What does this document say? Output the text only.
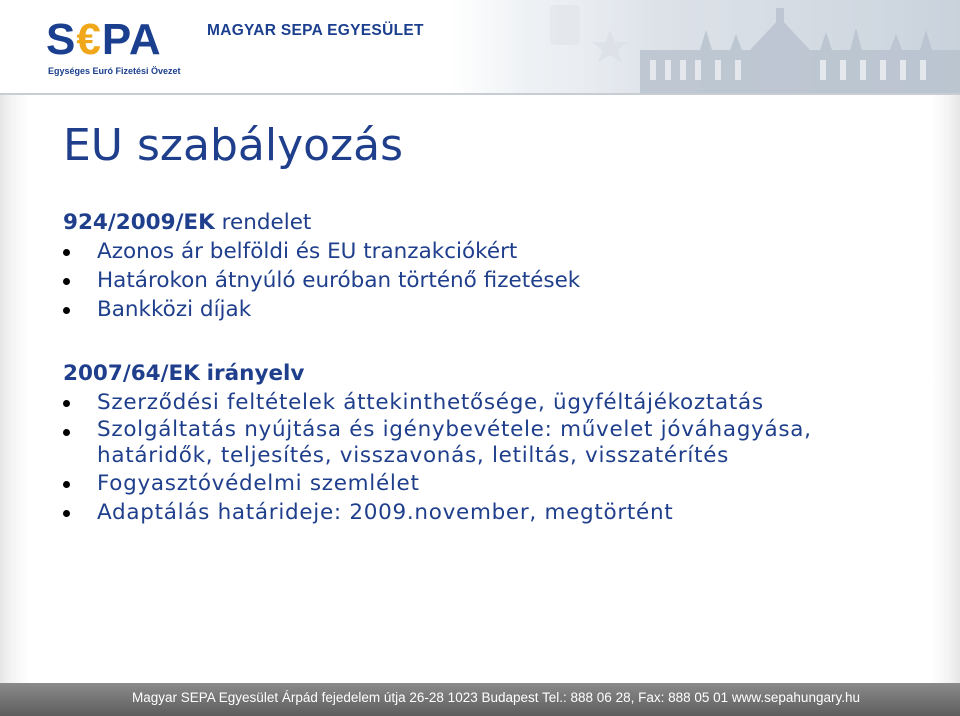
S€PA
Egységes Euró Fizetési Övezet
MAGYAR SEPA EGYESÜLET
EU szabályozás
924/2009/EK rendelet
Azonos ár belföldi és EU tranzakciókért
Határokon átnyúló euróban történő fizetések
Bankközi díjak
2007/64/EK irányelv
Szerződési feltételek áttekinthetősége, ügyféltájékoztatás
Szolgáltatás nyújtása és igénybevétele: művelet jóváhagyása, határidők, teljesítés, visszavonás, letiltás, visszatérítés
Fogyasztóvédelmi szemlélet
Adaptálás határideje: 2009.november, megtörtént
Magyar SEPA Egyesület Árpád fejedelem útja 26-28 1023 Budapest Tel.: 888 06 28, Fax: 888 05 01 www.sepahungary.hu
